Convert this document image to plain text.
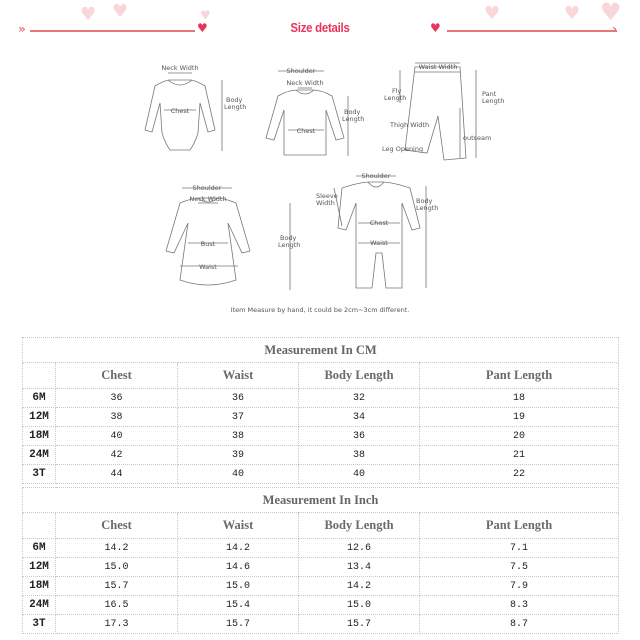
♥ ♥	♥	♥	♥ ♥
»	♥	Size details	♥	›
Neck Width
Chest
Body
Length
Shoulder
Neck Width
Chest
Body
Length
Waist Width
Fly
Length	Pant
Length
Thigh Width
outseam
Leg Opening
Shoulder
Neck Width
Bust
Waist
Body
Length
Shoulder
Sleeve
Width
Chest
Waist
Body
Length
Item Measure by hand, it could be 2cm~3cm different.
Measurement In CM				
	Chest	Waist	Body Length	Pant Length
6M	36	36	32	18
12M	38	37	34	19
18M	40	38	36	20
24M	42	39	38	21
3T	44	40	40	22
Measurement In Inch				
	Chest	Waist	Body Length	Pant Length
6M	14.2	14.2	12.6	7.1
12M	15.0	14.6	13.4	7.5
18M	15.7	15.0	14.2	7.9
24M	16.5	15.4	15.0	8.3
3T	17.3	15.7	15.7	8.7
